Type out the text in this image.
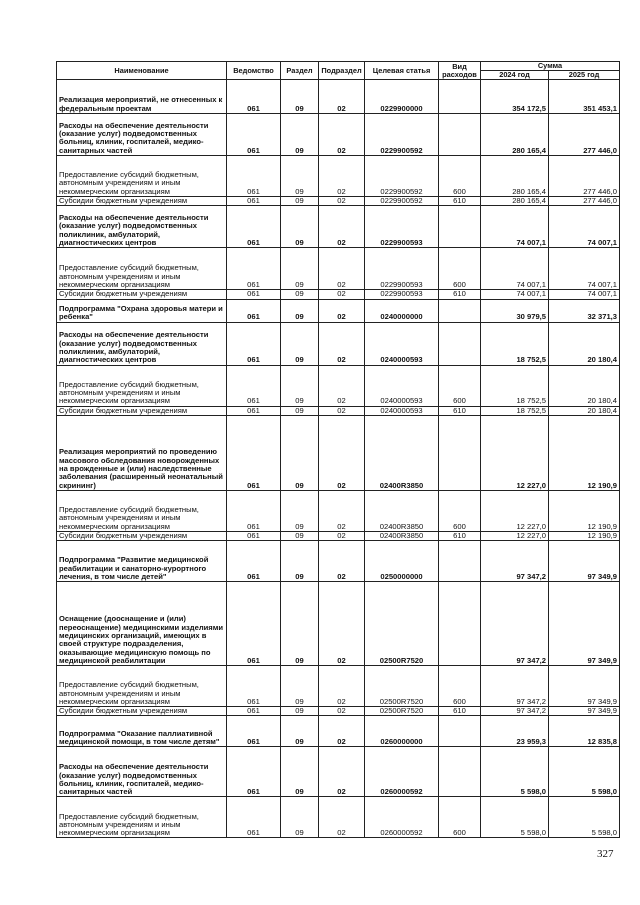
Наименование	Ведомство	Раздел	Подраздел	Целевая статья	Вид расходов	Сумма	
						2024 год	2025 год
Реализация мероприятий, не отнесенных к федеральным проектам	061	09	02	0229900000		354 172,5	351 453,1
Расходы на обеспечение деятельности (оказание услуг) подведомственных больниц, клиник, госпиталей, медико-санитарных частей	061	09	02	0229900592		280 165,4	277 446,0
Предоставление субсидий бюджетным, автономным учреждениям и иным некоммерческим организациям	061	09	02	0229900592	600	280 165,4	277 446,0
Субсидии бюджетным учреждениям	061	09	02	0229900592	610	280 165,4	277 446,0
Расходы на обеспечение деятельности (оказание услуг) подведомственных поликлиник, амбулаторий, диагностических центров	061	09	02	0229900593		74 007,1	74 007,1
Предоставление субсидий бюджетным, автономным учреждениям и иным некоммерческим организациям	061	09	02	0229900593	600	74 007,1	74 007,1
Субсидии бюджетным учреждениям	061	09	02	0229900593	610	74 007,1	74 007,1
Подпрограмма "Охрана здоровья матери и ребенка"	061	09	02	0240000000		30 979,5	32 371,3
Расходы на обеспечение деятельности (оказание услуг) подведомственных поликлиник, амбулаторий, диагностических центров	061	09	02	0240000593		18 752,5	20 180,4
Предоставление субсидий бюджетным, автономным учреждениям и иным некоммерческим организациям	061	09	02	0240000593	600	18 752,5	20 180,4
Субсидии бюджетным учреждениям	061	09	02	0240000593	610	18 752,5	20 180,4
Реализация мероприятий по проведению массового обследования новорожденных на врожденные и (или) наследственные заболевания (расширенный неонатальный скрининг)	061	09	02	02400R3850		12 227,0	12 190,9
Предоставление субсидий бюджетным, автономным учреждениям и иным некоммерческим организациям	061	09	02	02400R3850	600	12 227,0	12 190,9
Субсидии бюджетным учреждениям	061	09	02	02400R3850	610	12 227,0	12 190,9
Подпрограмма "Развитие медицинской реабилитации и санаторно-курортного лечения, в том числе детей"	061	09	02	0250000000		97 347,2	97 349,9
Оснащение (дооснащение и (или) переоснащение) медицинскими изделиями медицинских организаций, имеющих в своей структуре подразделения, оказывающие медицинскую помощь по медицинской реабилитации	061	09	02	02500R7520		97 347,2	97 349,9
Предоставление субсидий бюджетным, автономным учреждениям и иным некоммерческим организациям	061	09	02	02500R7520	600	97 347,2	97 349,9
Субсидии бюджетным учреждениям	061	09	02	02500R7520	610	97 347,2	97 349,9
Подпрограмма "Оказание паллиативной медицинской помощи, в том числе детям"	061	09	02	0260000000		23 959,3	12 835,8
Расходы на обеспечение деятельности (оказание услуг) подведомственных больниц, клиник, госпиталей, медико-санитарных частей	061	09	02	0260000592		5 598,0	5 598,0
Предоставление субсидий бюджетным, автономным учреждениям и иным некоммерческим организациям	061	09	02	0260000592	600	5 598,0	5 598,0
327
